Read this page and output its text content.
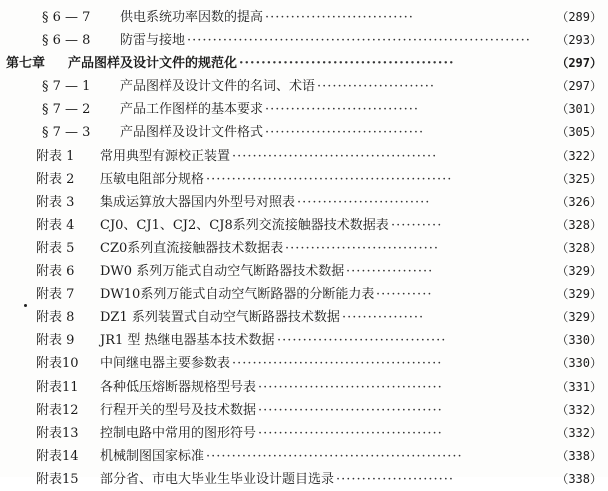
§ 6 — 7 供电系统功率因数的提高 ·····························	（289）
§ 6 — 8 防雷与接地 ···································································	（293）
第七章 产品图样及设计文件的规范化 ·······································	（297）
§ 7 — 1 产品图样及设计文件的名词、术语 ·······················	（297）
§ 7 — 2 产品工作图样的基本要求 ······························	（301）
§ 7 — 3 产品图样及设计文件格式 ·······························	（305）
附表 1 常用典型有源校正装置 ········································	（322）
附表 2 压敏电阻部分规格 ················································	（325）
附表 3 集成运算放大器国内外型号对照表 ··························	（326）
附表 4 CJ0、CJ1、CJ2、CJ8系列交流接触器技术数据表 ··········	（328）
附表 5 CZ0系列直流接触器技术数据表 ······························	（328）
附表 6 DW0 系列万能式自动空气断路器技术数据 ·················	（329）
附表 7 DW10系列万能式自动空气断路器的分断能力表 ···········	（329）
附表 8 DZ1 系列装置式自动空气断路器技术数据 ················	（329）
附表 9 JR1 型 热继电器基本技术数据 ·································	（330）
附表10 中间继电器主要参数表 ·········································	（330）
附表11 各种低压熔断器规格型号表 ····································	（331）
附表12 行程开关的型号及技术数据 ····································	（332）
附表13 控制电路中常用的图形符号 ····································	（332）
附表14 机械制图国家标准 ··················································	（338）
附表15 部分省、市电大毕业生毕业设计题目选录 ·······················	（338）
